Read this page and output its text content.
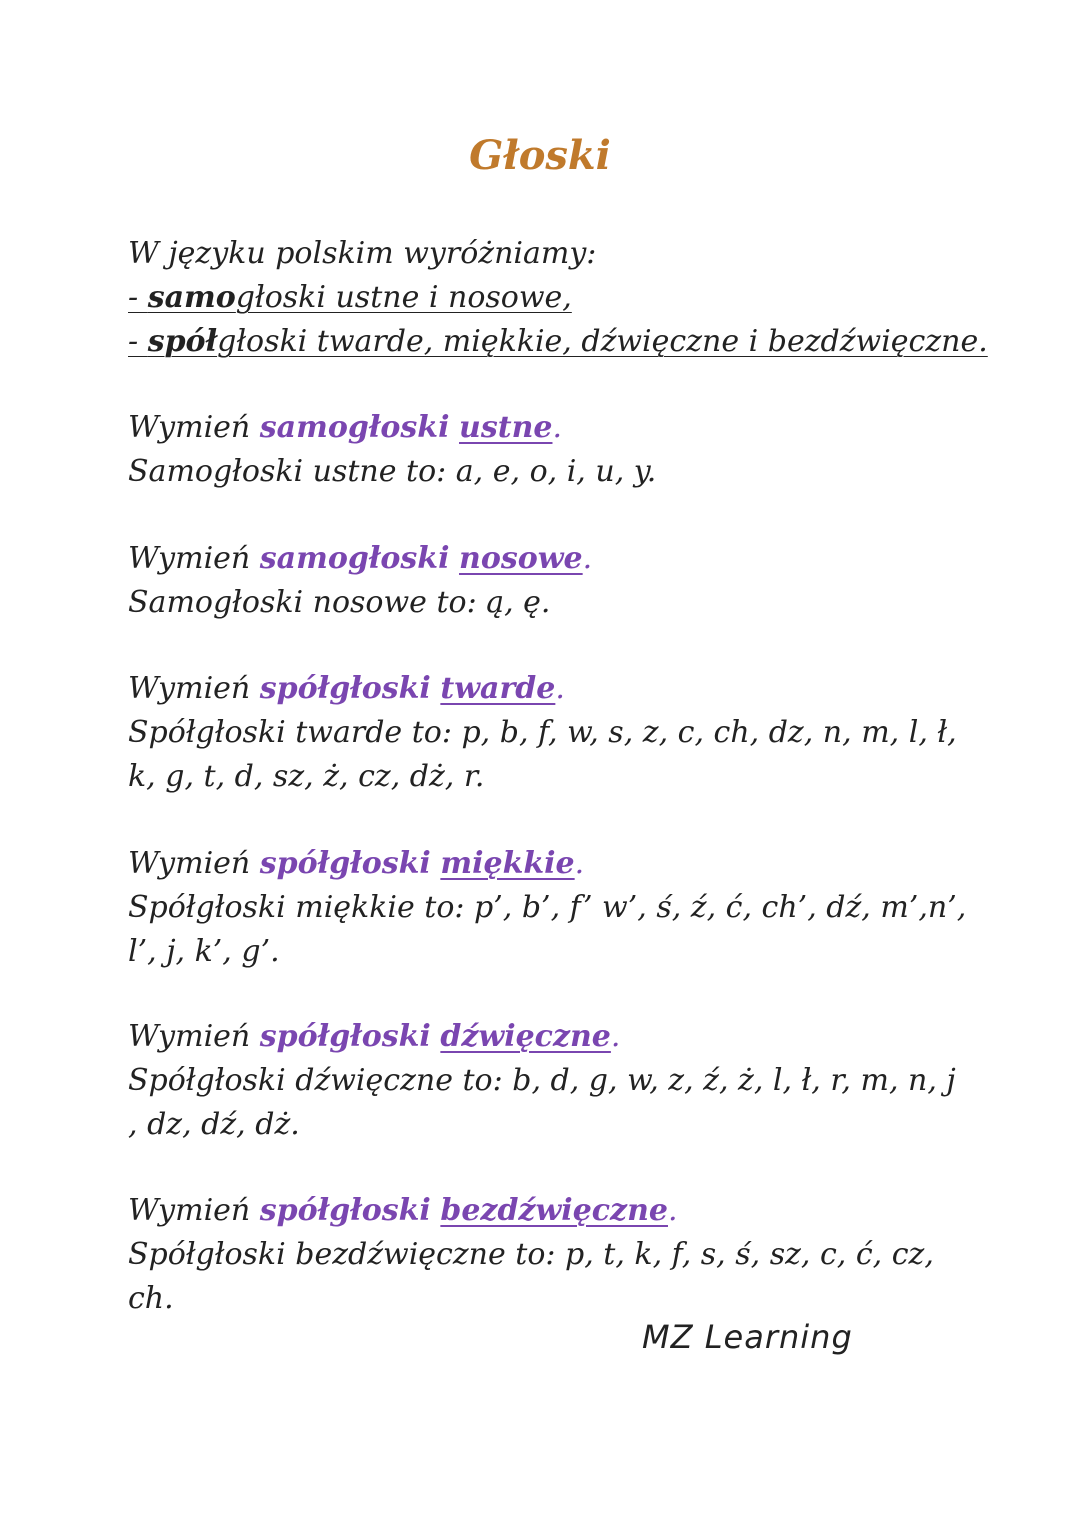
Głoski
W języku polskim wyróżniamy:
- samogłoski ustne i nosowe,
- spółgłoski twarde, miękkie, dźwięczne i bezdźwięczne.
Wymień samogłoski ustne.
Samogłoski ustne to: a, e, o, i, u, y.
Wymień samogłoski nosowe.
Samogłoski nosowe to: ą, ę.
Wymień spółgłoski twarde.
Spółgłoski twarde to: p, b, f, w, s, z, c, ch, dz, n, m, l, ł, k, g, t, d, sz, ż, cz, dż, r.
Wymień spółgłoski miękkie.
Spółgłoski miękkie to: p’, b’, f’ w’, ś, ź, ć, ch’, dź, m’,n’, l’, j, k’, g’.
Wymień spółgłoski dźwięczne.
Spółgłoski dźwięczne to: b, d, g, w, z, ź, ż, l, ł, r, m, n, j , dz, dź, dż.
Wymień spółgłoski bezdźwięczne.
Spółgłoski bezdźwięczne to: p, t, k, f, s, ś, sz, c, ć, cz, ch.
MZ Learning
